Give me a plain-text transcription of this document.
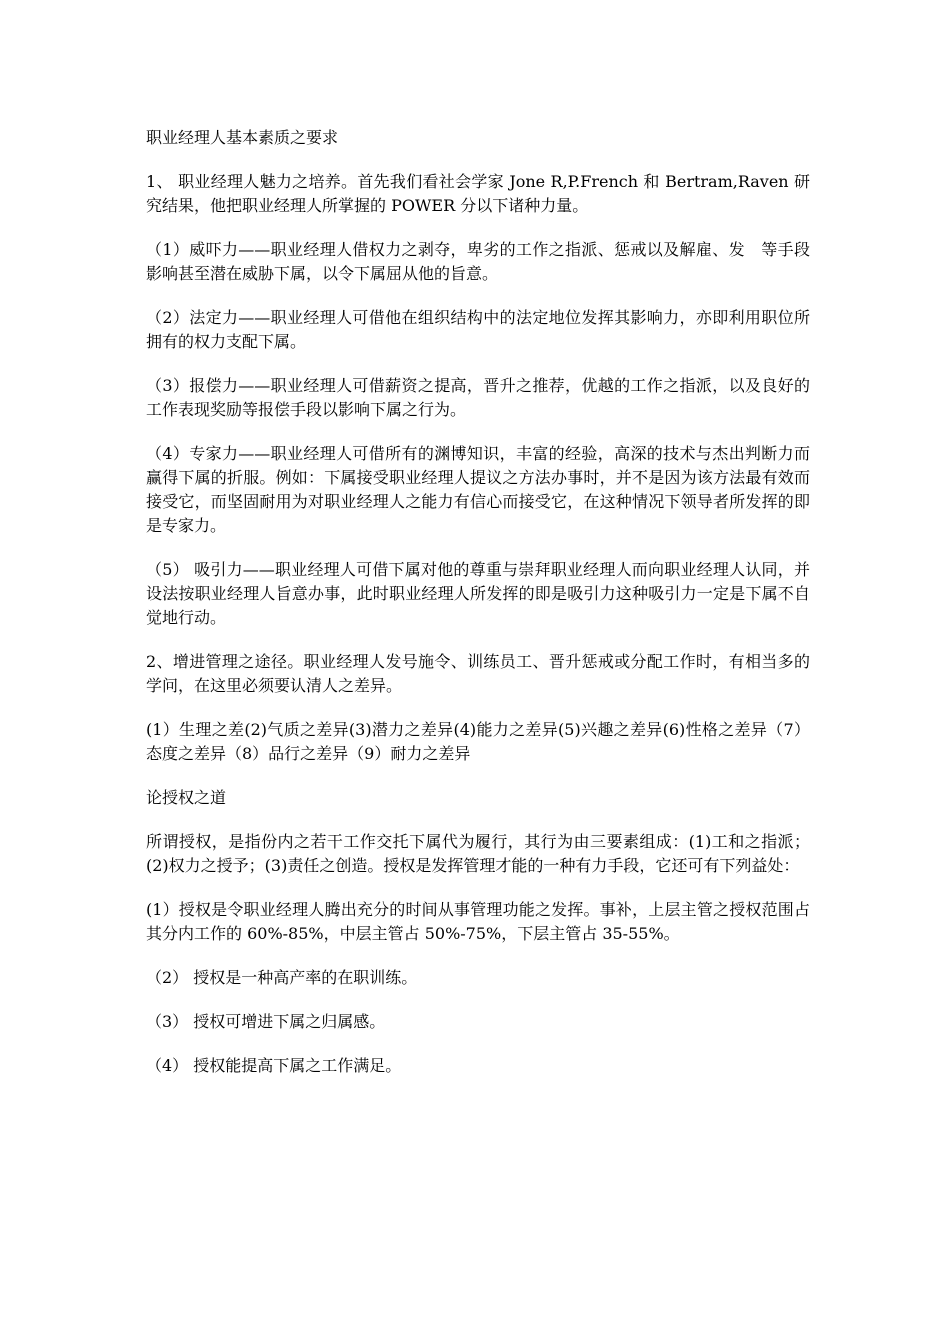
职业经理人基本素质之要求

1、 职业经理人魅力之培养。首先我们看社会学家 Jone R,P.French 和 Bertram,Raven 研究结果，他把职业经理人所掌握的 POWER 分以下诸种力量。

（1）威吓力——职业经理人借权力之剥夺，卑劣的工作之指派、惩戒以及解雇、发　等手段影响甚至潜在威胁下属，以令下属屈从他的旨意。

（2）法定力——职业经理人可借他在组织结构中的法定地位发挥其影响力，亦即利用职位所拥有的权力支配下属。

（3）报偿力——职业经理人可借薪资之提高，晋升之推荐，优越的工作之指派，以及良好的工作表现奖励等报偿手段以影响下属之行为。

（4）专家力——职业经理人可借所有的渊博知识，丰富的经验，高深的技术与杰出判断力而赢得下属的折服。例如：下属接受职业经理人提议之方法办事时，并不是因为该方法最有效而接受它，而坚固耐用为对职业经理人之能力有信心而接受它，在这种情况下领导者所发挥的即是专家力。

（5） 吸引力——职业经理人可借下属对他的尊重与崇拜职业经理人而向职业经理人认同，并设法按职业经理人旨意办事，此时职业经理人所发挥的即是吸引力这种吸引力一定是下属不自觉地行动。

2、增进管理之途径。职业经理人发号施令、训练员工、晋升惩戒或分配工作时，有相当多的学问，在这里必须要认清人之差异。

(1）生理之差(2)气质之差异(3)潜力之差异(4)能力之差异(5)兴趣之差异(6)性格之差异（7）态度之差异（8）品行之差异（9）耐力之差异

论授权之道

所谓授权，是指份内之若干工作交托下属代为履行，其行为由三要素组成：(1)工和之指派；(2)权力之授予；(3)责任之创造。授权是发挥管理才能的一种有力手段，它还可有下列益处：

(1）授权是令职业经理人腾出充分的时间从事管理功能之发挥。事补，上层主管之授权范围占其分内工作的 60%-85%，中层主管占 50%-75%，下层主管占 35-55%。

（2） 授权是一种高产率的在职训练。

（3） 授权可增进下属之归属感。

（4） 授权能提高下属之工作满足。
